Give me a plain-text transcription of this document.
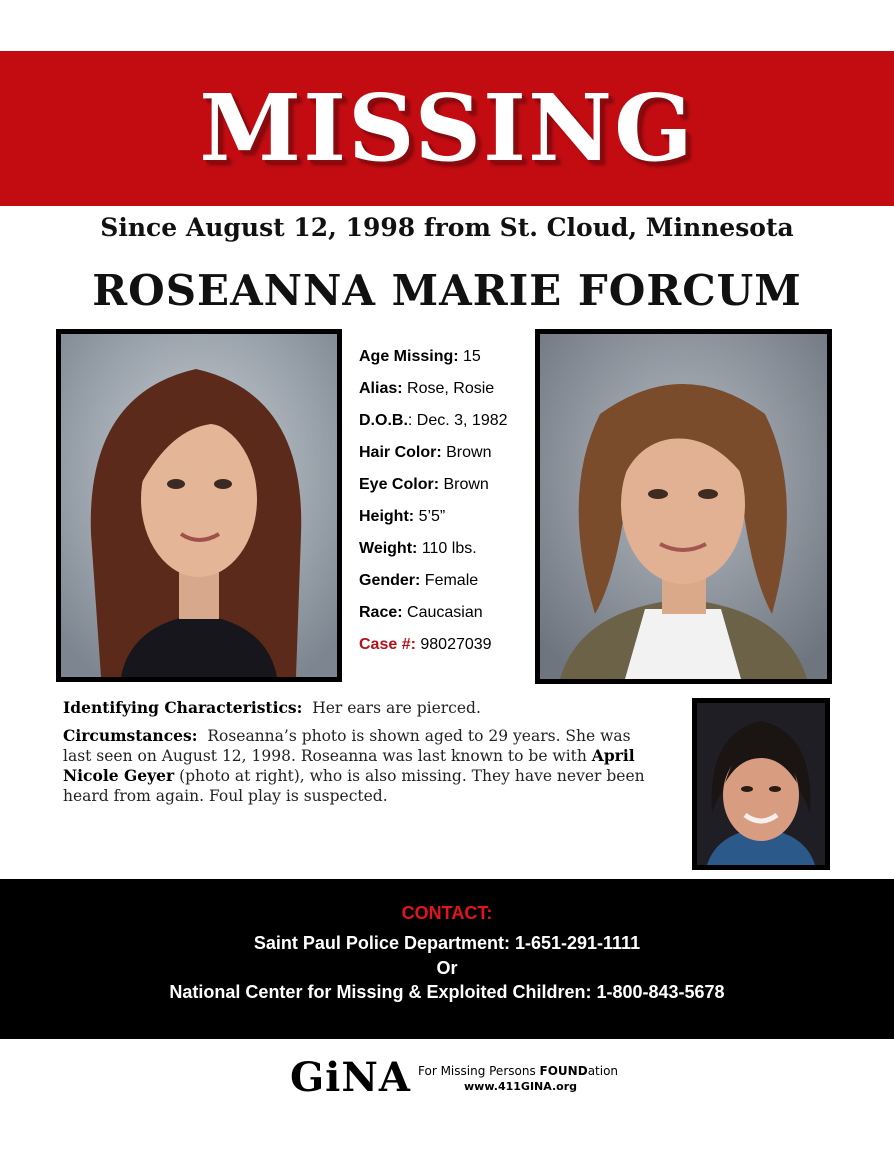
MISSING
Since August 12, 1998 from St. Cloud, Minnesota
ROSEANNA MARIE FORCUM
Age Missing: 15
Alias: Rose, Rosie
D.O.B.: Dec. 3, 1982
Hair Color: Brown
Eye Color: Brown
Height: 5’5”
Weight: 110 lbs.
Gender: Female
Race: Caucasian
Case #: 98027039

Identifying Characteristics: Her ears are pierced.

Circumstances: Roseanna’s photo is shown aged to 29 years. She was last seen on August 12, 1998. Roseanna was last known to be with April Nicole Geyer (photo at right), who is also missing. They have never been heard from again. Foul play is suspected.

CONTACT:
Saint Paul Police Department: 1-651-291-1111
Or
National Center for Missing & Exploited Children: 1-800-843-5678
GiNA For Missing Persons FOUNDation
www.411GINA.org
